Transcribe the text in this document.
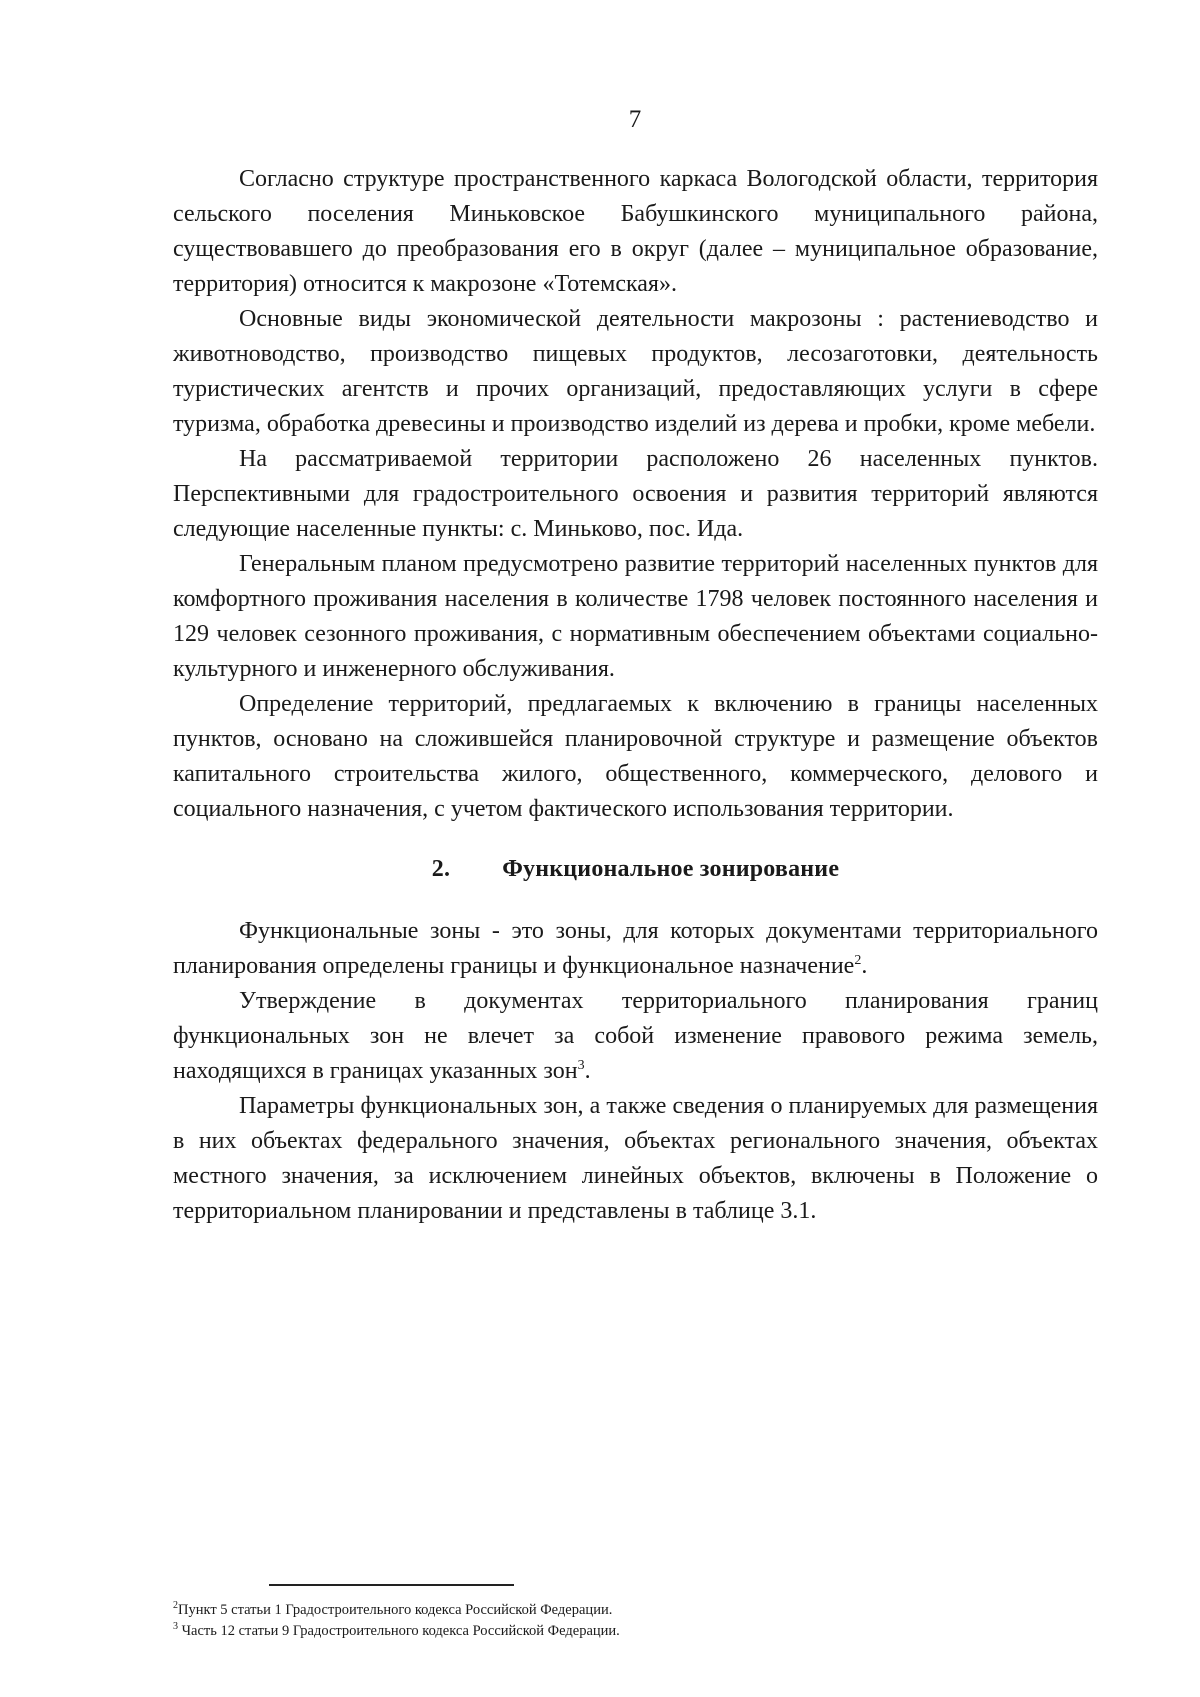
7

Согласно структуре пространственного каркаса Вологодской области, территория сельского поселения Миньковское Бабушкинского муниципального района, существовавшего до преобразования его в округ (далее – муниципальное образование, территория) относится к макрозоне «Тотемская».

Основные виды экономической деятельности макрозоны : растениеводство и животноводство, производство пищевых продуктов, лесозаготовки, деятельность туристических агентств и прочих организаций, предоставляющих услуги в сфере туризма, обработка древесины и производство изделий из дерева и пробки, кроме мебели.

На рассматриваемой территории расположено 26 населенных пунктов. Перспективными для градостроительного освоения и развития территорий являются следующие населенные пункты: с. Миньково, пос. Ида.

Генеральным планом предусмотрено развитие территорий населенных пунктов для комфортного проживания населения в количестве 1798 человек постоянного населения и 129 человек сезонного проживания, с нормативным обеспечением объектами социально-культурного и инженерного обслуживания.

Определение территорий, предлагаемых к включению в границы населенных пунктов, основано на сложившейся планировочной структуре и размещение объектов капитального строительства жилого, общественного, коммерческого, делового и социального назначения, с учетом фактического использования территории.

2. Функциональное зонирование

Функциональные зоны - это зоны, для которых документами территориального планирования определены границы и функциональное назначение$^2$.

Утверждение в документах территориального планирования границ функциональных зон не влечет за собой изменение правового режима земель, находящихся в границах указанных зон$^3$.

Параметры функциональных зон, а также сведения о планируемых для размещения в них объектах федерального значения, объектах регионального значения, объектах местного значения, за исключением линейных объектов, включены в Положение о территориальном планировании и представлены в таблице 3.1.

$^2$Пункт 5 статьи 1 Градостроительного кодекса Российской Федерации.
$^3$ Часть 12 статьи 9 Градостроительного кодекса Российской Федерации.
